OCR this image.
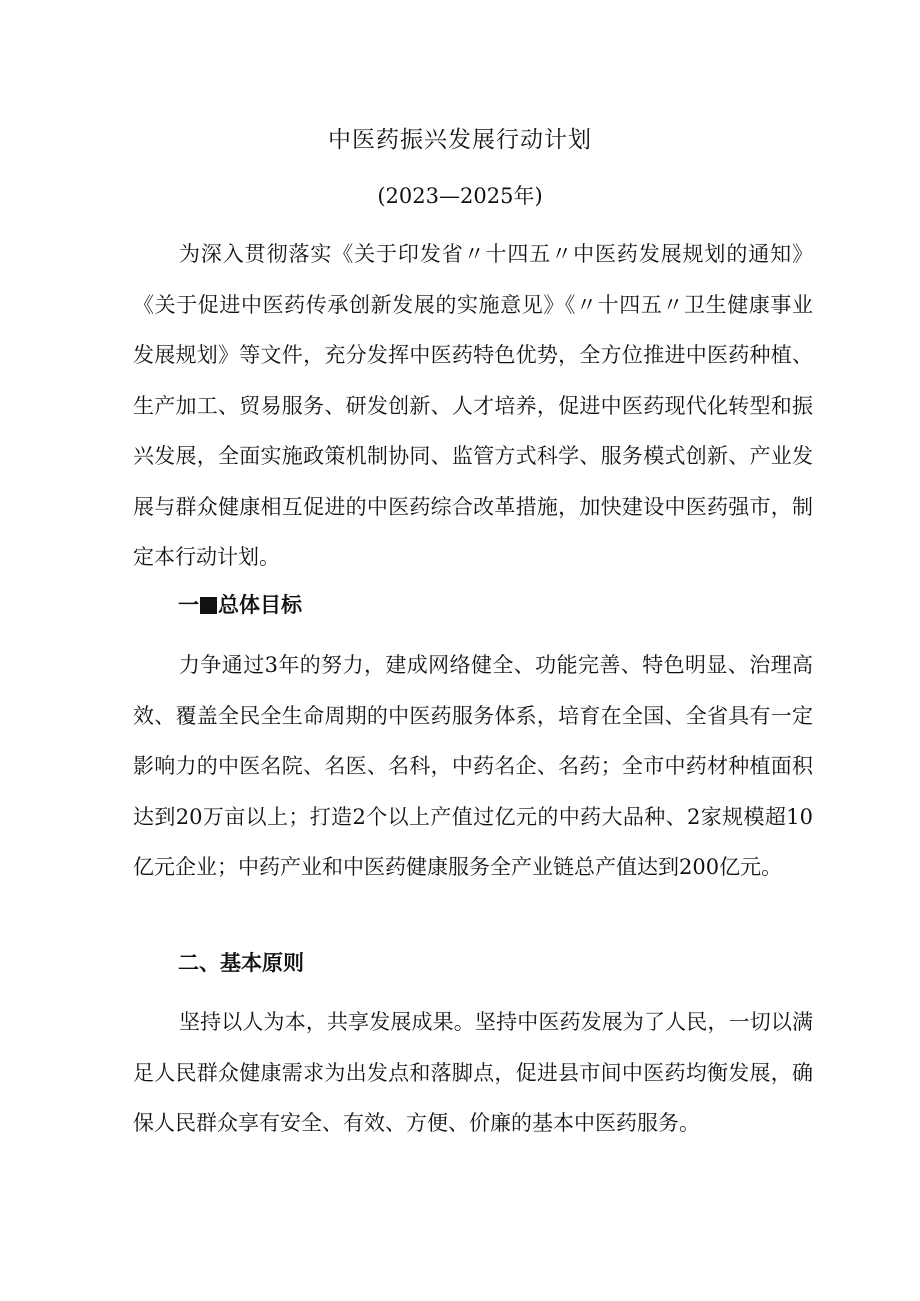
中医药振兴发展行动计划
(2023—2025年)

为深入贯彻落实《关于印发省〃十四五〃中医药发展规划的通知》《关于促进中医药传承创新发展的实施意见》《〃十四五〃卫生健康事业发展规划》等文件，充分发挥中医药特色优势，全方位推进中医药种植、生产加工、贸易服务、研发创新、人才培养，促进中医药现代化转型和振兴发展，全面实施政策机制协同、监管方式科学、服务模式创新、产业发展与群众健康相互促进的中医药综合改革措施，加快建设中医药强市，制定本行动计划。

一 总体目标

力争通过3年的努力，建成网络健全、功能完善、特色明显、治理高效、覆盖全民全生命周期的中医药服务体系，培育在全国、全省具有一定影响力的中医名院、名医、名科，中药名企、名药；全市中药材种植面积达到20万亩以上；打造2个以上产值过亿元的中药大品种、2家规模超10亿元企业；中药产业和中医药健康服务全产业链总产值达到200亿元。

二、基本原则

坚持以人为本，共享发展成果。坚持中医药发展为了人民，一切以满足人民群众健康需求为出发点和落脚点，促进县市间中医药均衡发展，确保人民群众享有安全、有效、方便、价廉的基本中医药服务。
